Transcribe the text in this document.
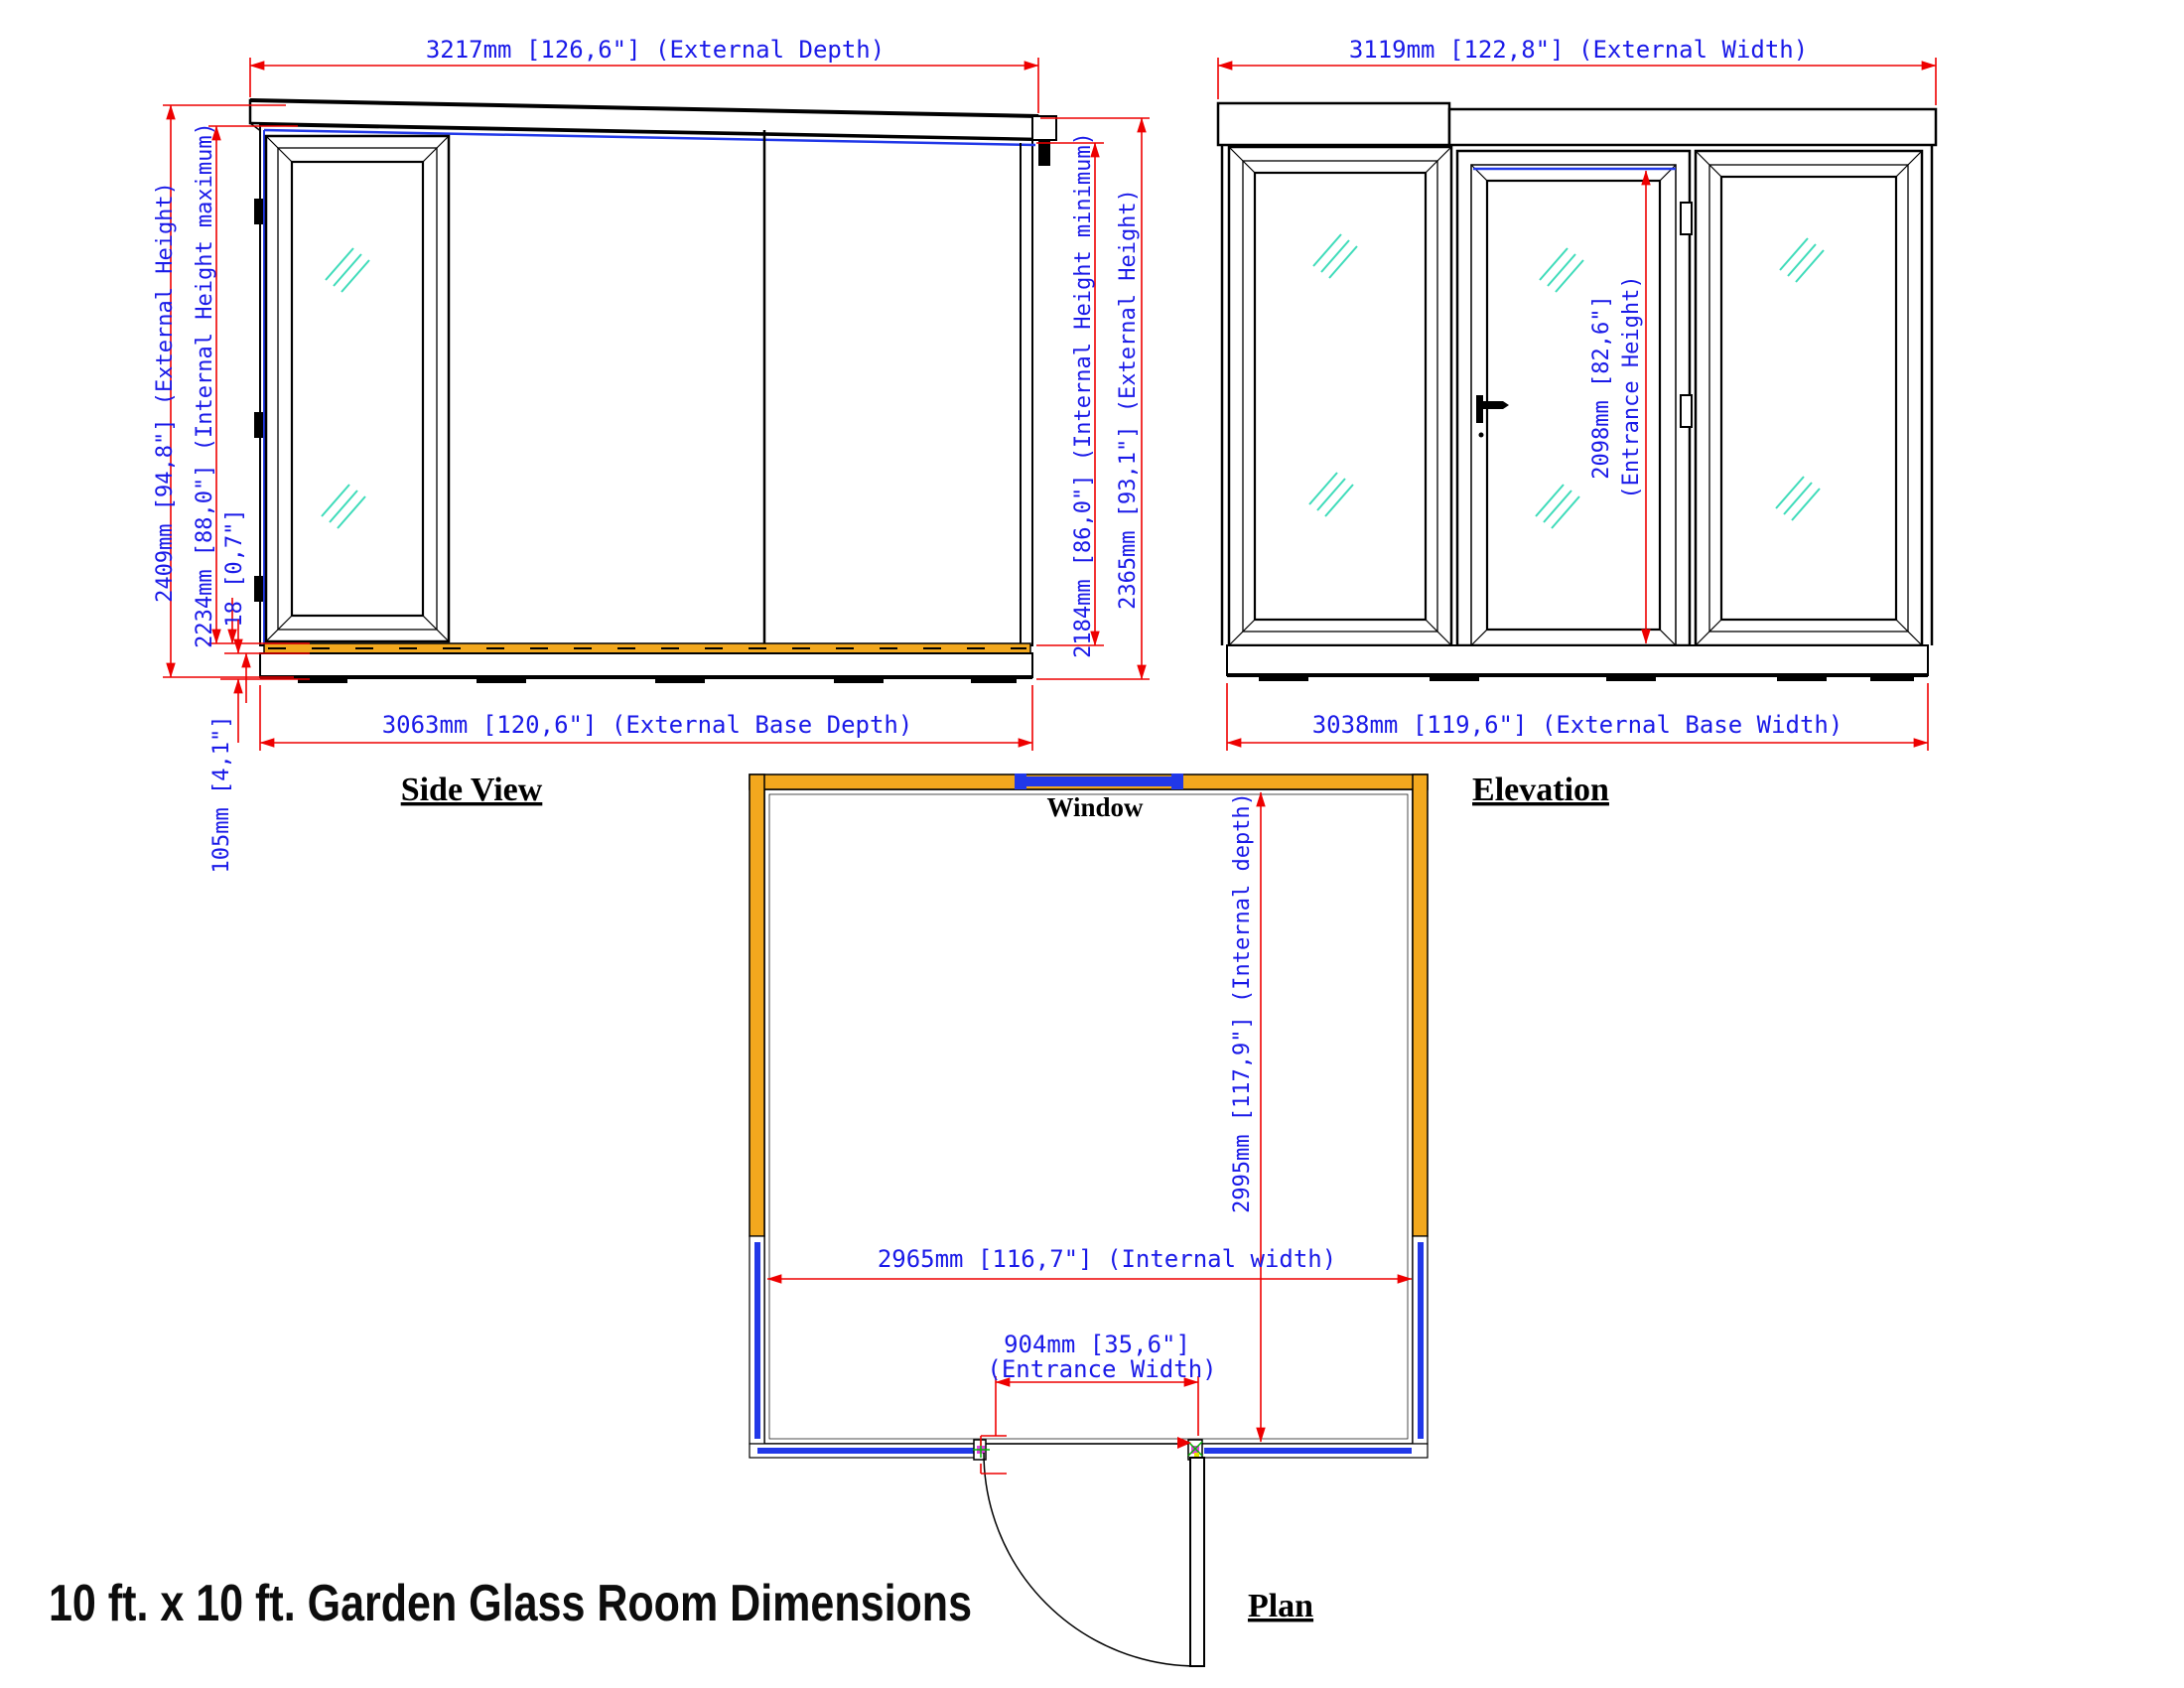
3217mm [126,6"] (External Depth)
2409mm [94,8"] (External Height) 2234mm [88,0"] (Internal Height maximum) 18 [0,7"]
105mm [4,1"]	3063mm [120,6"] (External Base Depth)
2184mm [86,0"] (Internal Height minimum) 2365mm [93,1"] (External Height)
Side View
3119mm [122,8"] (External Width)
2098mm [82,6"] (Entrance Height)
3038mm [119,6"] (External Base Width)
Elevation
Window	2995mm [117,9"] (Internal depth)
2965mm [116,7"] (Internal width)
904mm [35,6"]
(Entrance Width)
Plan
10 ft. x 10 ft. Garden Glass Room Dimensions
